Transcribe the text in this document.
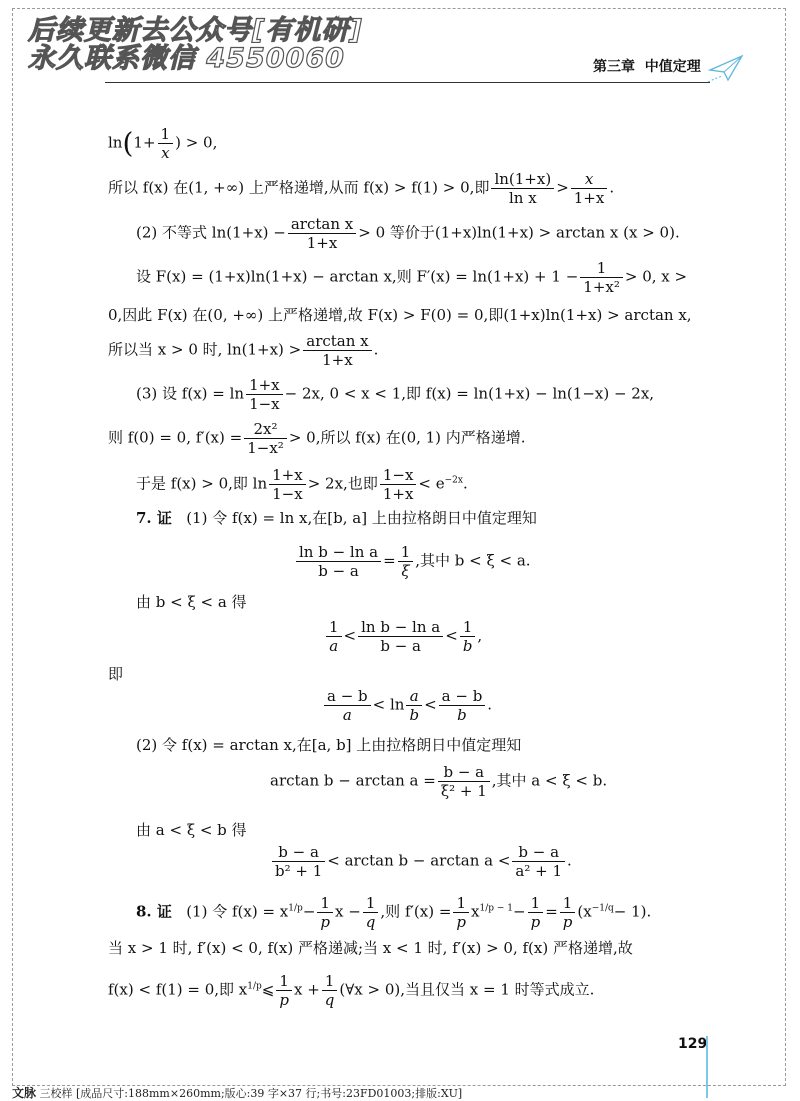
后续更新去公众号[有机研]
永久联系微信 4550060	第三章 中值定理
$\ln(1+ \frac{1}{x}$ ) > 0,
所以 f(x) 在(1, +∞) 上严格递增,从而 f(x) > f(1) > 0,即 $\frac{\ln(1+x)}{\text{ln x}} > \frac{x}{1+x}$ .
(2) 不等式 $\ln(1+x) - \frac{\text{arctan x}}{1+x} > 0$ 等价于(1+x)ln(1+x) > arctan x (x > 0).
设 F(x) = (1+x)ln(1+x) − arctan x,则 $F'(x) = \ln(1+x) + 1 - \frac{1}{\text{1+x²}} > 0$, x >
0,因此 F(x) 在(0, +∞) 上严格递增,故 F(x) > F(0) = 0,即(1+x)ln(1+x) > arctan x,
所以当 x > 0 时, $\ln(1+x) > \frac{\text{arctan x}}{1+x}$ .
(3) 设 $f(x) = \ln \frac{1+x}{1-x} - 2x$, 0 < x < 1,即 f(x) = ln(1+x) − ln(1−x) − 2x,
则 f(0) = 0, $f'(x) = \frac{\text{2x²}}{\text{1−x²}} > 0$,所以 f(x) 在(0, 1) 内严格递增.
于是 f(x) > 0,即 $\ln \frac{1+x}{1-x} > 2x$,也即 $\frac{1-x}{1+x} < e^{-2x}$.
7. 证 (1) 令 f(x) = ln x,在[b, a] 上由拉格朗日中值定理知
$\frac{\text{ln b − ln a}}{b - a} = \frac{1}{\xi}$ ,其中 b < ξ < a.
由 b < ξ < a 得
$\frac{1}{a} < \frac{\text{ln b − ln a}}{b - a} < \frac{1}{b}$ ,
即
$\frac{a - b}{a} < \ln \frac{a}{b} < \frac{a - b}{b}$ .
(2) 令 f(x) = arctan x,在[a, b] 上由拉格朗日中值定理知
$\arctan b - \arctan a = \frac{b - a}{\text{ξ² + 1}}$ ,其中 a < ξ < b.
由 a < ξ < b 得
$\frac{b - a}{\text{b² + 1}} < \arctan b - \arctan a < \frac{b - a}{\text{a² + 1}}$ .
8. 证 (1) 令 $f(x) = x^{1/p}- \frac{1}{p}$ $x - \frac{1}{q}$ ,则 $f'(x) = \frac{1}{p} x^{1/p - 1}- \frac{1}{p} = \frac{1}{p} (x^{-1/q}- 1)$.
当 x > 1 时, f′(x) < 0, f(x) 严格递减;当 x < 1 时, f′(x) > 0, f(x) 严格递增,故
f(x) < f(1) = 0,即 $x^{1/p}⩽ \frac{1}{p}$ $x + \frac{1}{q}$ (∀x > 0),当且仅当 x = 1 时等式成立.
129
文脉 三校样 [成品尺寸:188mm×260mm;版心:39 字×37 行;书号:23FD01003;排版:XU]
